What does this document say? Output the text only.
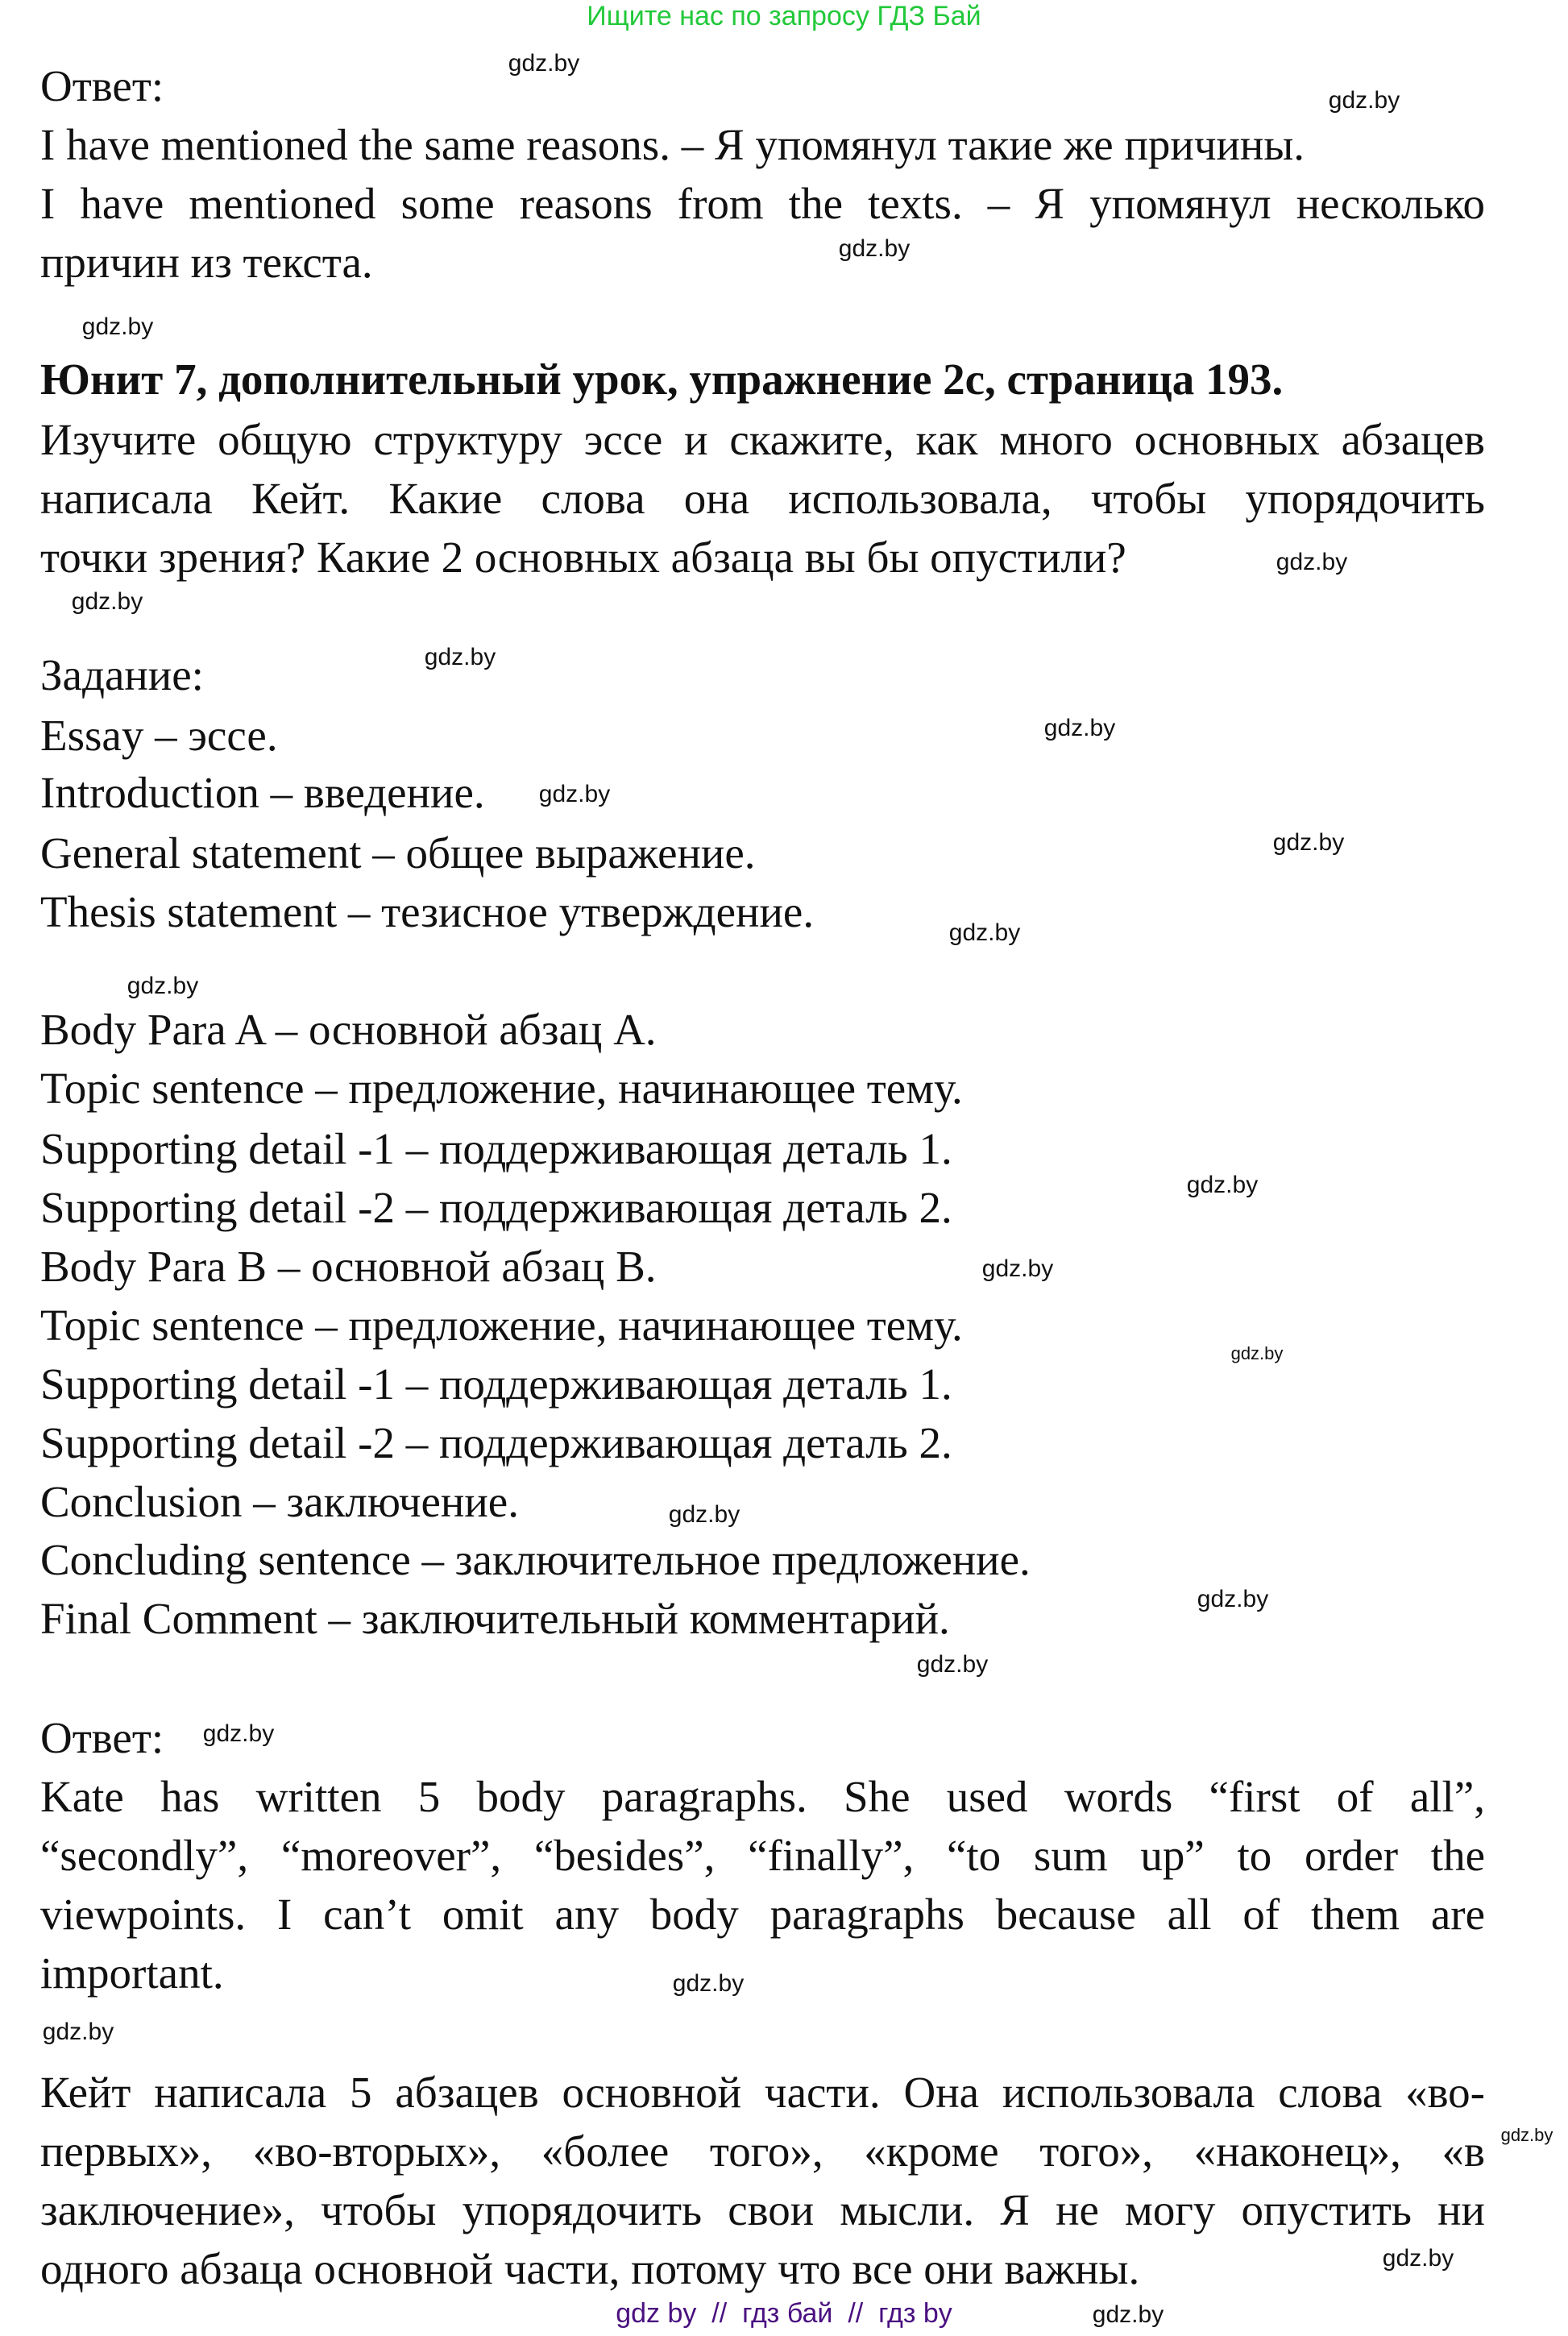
Ищите нас по запросу ГДЗ Бай
Ответ:
I have mentioned the same reasons. – Я упомянул такие же причины.
I have mentioned some reasons from the texts. – Я упомянул несколько
причин из текста.
Юнит 7, дополнительный урок, упражнение 2c, страница 193.
Изучите общую структуру эссе и скажите, как много основных абзацев
написала Кейт. Какие слова она использовала, чтобы упорядочить
точки зрения? Какие 2 основных абзаца вы бы опустили?
Задание:
Essay – эссе.
Introduction – введение.
General statement – общее выражение.
Thesis statement – тезисное утверждение.
Body Para A – основной абзац A.
Topic sentence – предложение, начинающее тему.
Supporting detail -1 – поддерживающая деталь 1.
Supporting detail -2 – поддерживающая деталь 2.
Body Para B – основной абзац B.
Topic sentence – предложение, начинающее тему.
Supporting detail -1 – поддерживающая деталь 1.
Supporting detail -2 – поддерживающая деталь 2.
Conclusion – заключение.
Concluding sentence – заключительное предложение.
Final Comment – заключительный комментарий.
Ответ:
Kate has written 5 body paragraphs. She used words “first of all”,
“secondly”, “moreover”, “besides”, “finally”, “to sum up” to order the
viewpoints. I can’t omit any body paragraphs because all of them are
important.
Кейт написала 5 абзацев основной части. Она использовала слова «во-
первых», «во-вторых», «более того», «кроме того», «наконец», «в
заключение», чтобы упорядочить свои мысли. Я не могу опустить ни
одного абзаца основной части, потому что все они важны.
gdz.by
gdz.by
gdz.by
gdz.by
gdz.by
gdz.by
gdz.by
gdz.by
gdz.by
gdz.by
gdz.by
gdz.by
gdz.by
gdz.by
gdz.by
gdz.by
gdz.by
gdz.by
gdz.by
gdz.by
gdz.by
gdz.by
gdz.by
gdz.by
gdz by  //  гдз бай  //  гдз by
